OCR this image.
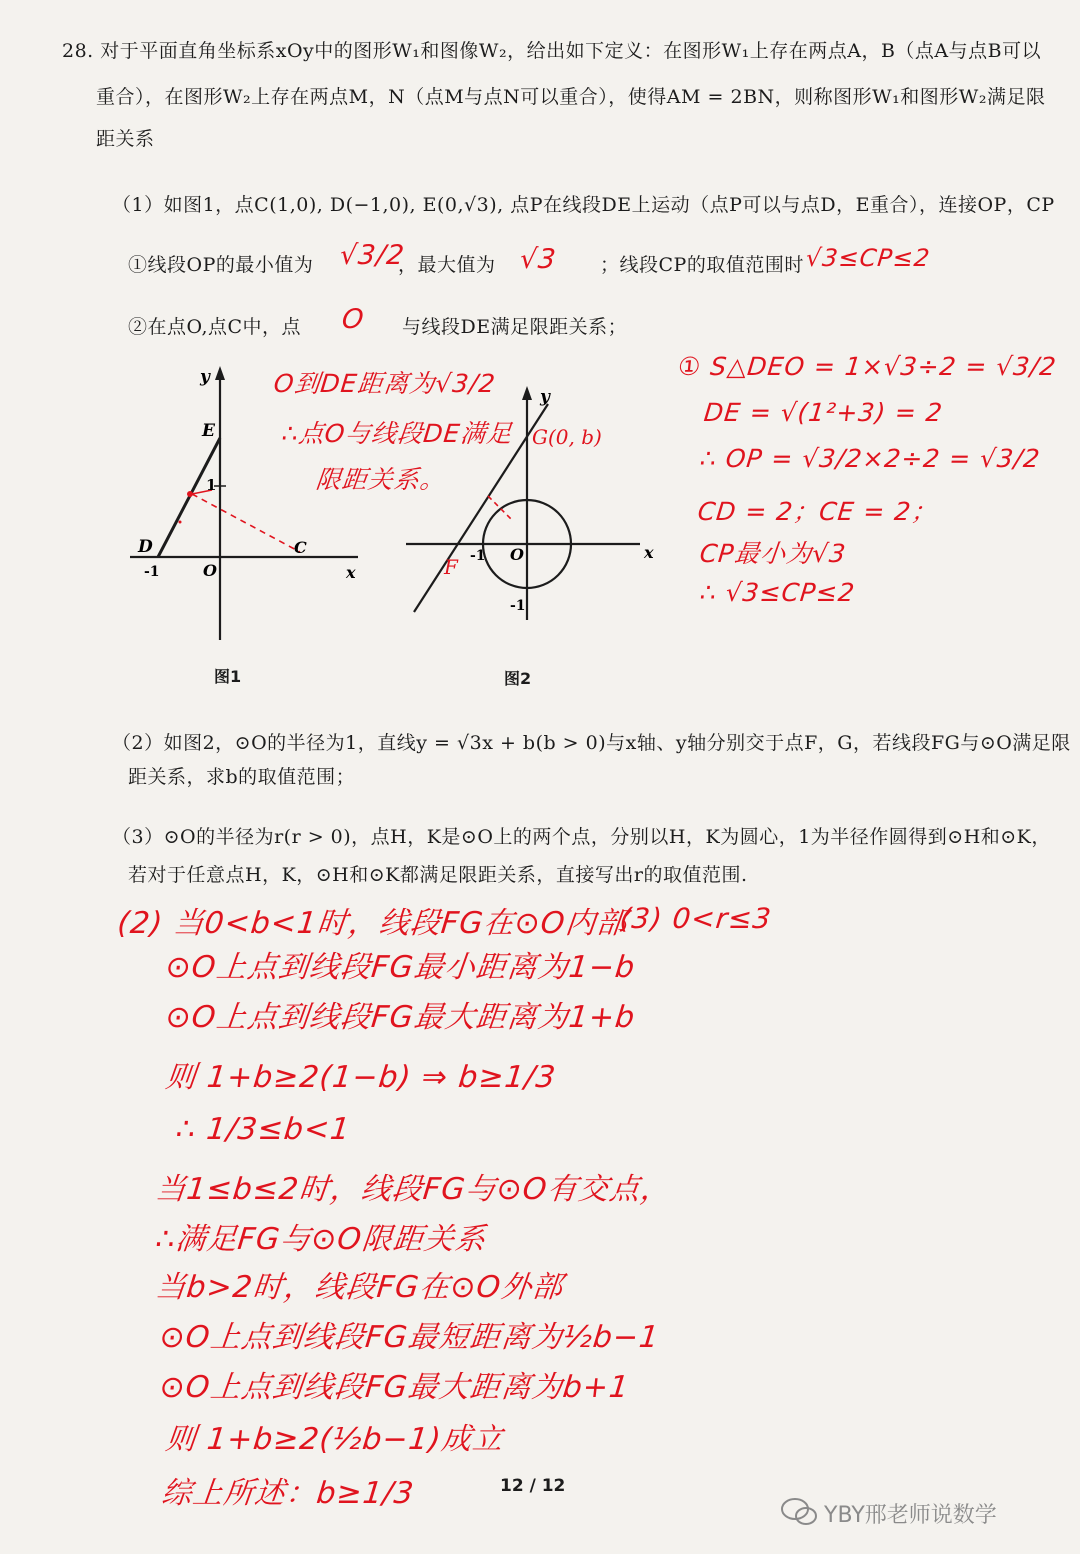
28. 对于平面直角坐标系xOy中的图形W₁和图像W₂，给出如下定义：在图形W₁上存在两点A，B（点A与点B可以
重合），在图形W₂上存在两点M，N（点M与点N可以重合），使得AM = 2BN，则称图形W₁和图形W₂满足限
距关系
（1）如图1，点C(1,0), D(−1,0), E(0,√3), 点P在线段DE上运动（点P可以与点D，E重合），连接OP，CP
①线段OP的最小值为 √3/2
，最大值为 √3 ；线段CP的取值范围时 √3≤CP≤2
②在点O,点C中，点 O 与线段DE满足限距关系；
y
E
1
D
-1	O
C
x
y
G(0, b)
F -1 O
-1
x
图1	图2
O到DE距离为√3/2
∴点O与线段DE满足
限距关系。
① S△DEO = 1×√3÷2 = √3/2
DE = √(1²+3) = 2
∴ OP = √3/2×2÷2 = √3/2
CD = 2；CE = 2；
CP最小为√3
∴ √3≤CP≤2
（2）如图2，⊙O的半径为1，直线y = √3x + b(b > 0)与x轴、y轴分别交于点F，G，若线段FG与⊙O满足限
距关系，求b的取值范围；
（3）⊙O的半径为r(r > 0)，点H，K是⊙O上的两个点，分别以H，K为圆心，1为半径作圆得到⊙H和⊙K，
若对于任意点H，K，⊙H和⊙K都满足限距关系，直接写出r的取值范围.
(2) 当0<b<1时，线段FG在⊙O内部
(3) 0<r≤3
⊙O上点到线段FG最小距离为1−b
⊙O上点到线段FG最大距离为1+b
则 1+b≥2(1−b) ⇒ b≥1/3
∴ 1/3≤b<1
当1≤b≤2时，线段FG与⊙O有交点，
∴满足FG与⊙O限距关系
当b>2时，线段FG在⊙O外部
⊙O上点到线段FG最短距离为½b−1
⊙O上点到线段FG最大距离为b+1
则 1+b≥2(½b−1)成立
综上所述：b≥1/3	12 / 12
YBY邢老师说数学
